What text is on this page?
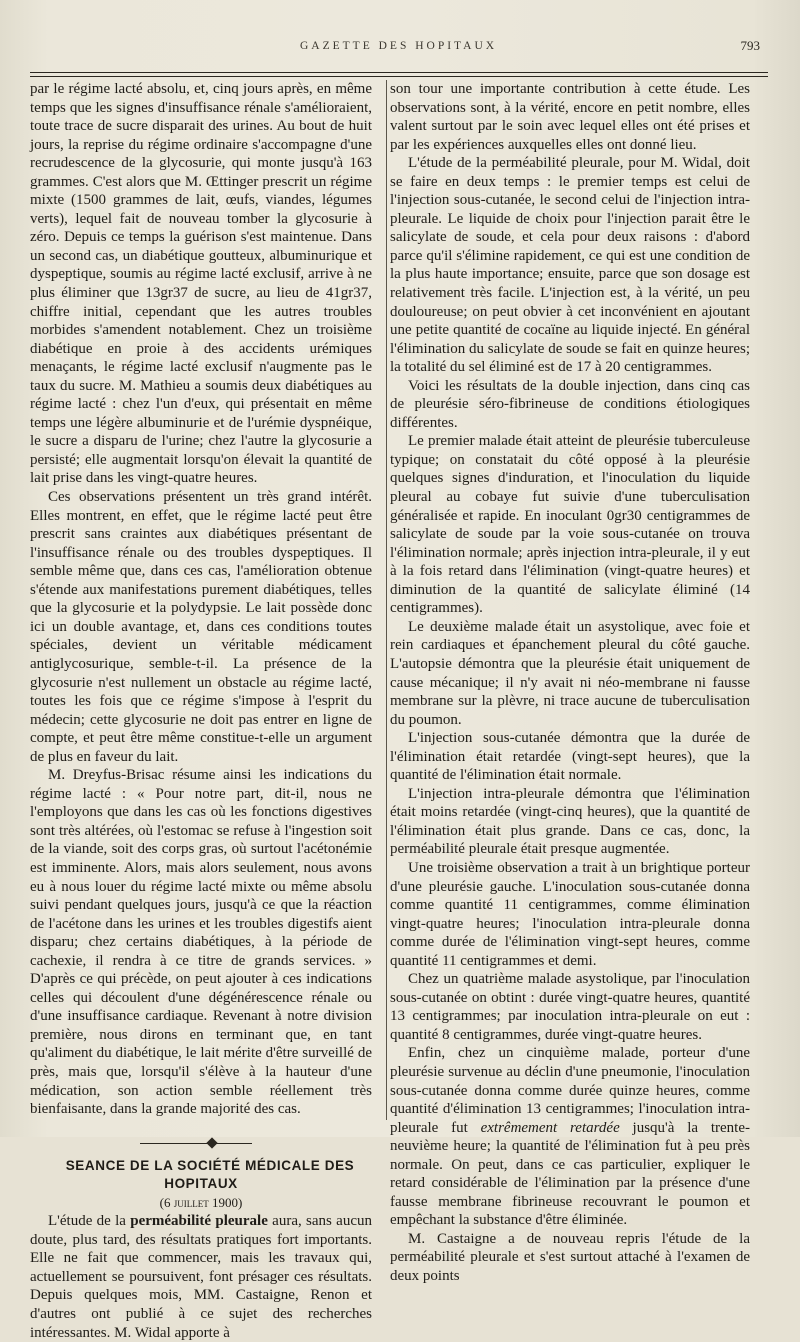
GAZETTE DES HOPITAUX	793

par le régime lacté absolu, et, cinq jours après, en même temps que les signes d'insuffisance rénale s'amélioraient, toute trace de sucre disparait des urines. Au bout de huit jours, la reprise du régime ordinaire s'accompagne d'une recrudescence de la glycosurie, qui monte jusqu'à 163 grammes. C'est alors que M. Œttinger prescrit un régime mixte (1500 grammes de lait, œufs, viandes, légumes verts), lequel fait de nouveau tomber la glycosurie à zéro. Depuis ce temps la guérison s'est maintenue. Dans un second cas, un diabétique goutteux, albuminurique et dyspeptique, soumis au régime lacté exclusif, arrive à ne plus éliminer que 13gr37 de sucre, au lieu de 41gr37, chiffre initial, cependant que les autres troubles morbides s'amendent notablement. Chez un troisième diabétique en proie à des accidents urémiques menaçants, le régime lacté exclusif n'augmente pas le taux du sucre. M. Mathieu a soumis deux diabétiques au régime lacté : chez l'un d'eux, qui présentait en même temps une légère albuminurie et de l'urémie dyspnéique, le sucre a disparu de l'urine; chez l'autre la glycosurie a persisté; elle augmentait lorsqu'on élevait la quantité de lait prise dans les vingt-quatre heures.

Ces observations présentent un très grand intérêt. Elles montrent, en effet, que le régime lacté peut être prescrit sans craintes aux diabétiques présentant de l'insuffisance rénale ou des troubles dyspeptiques. Il semble même que, dans ces cas, l'amélioration obtenue s'étende aux manifestations purement diabétiques, telles que la glycosurie et la polydypsie. Le lait possède donc ici un double avantage, et, dans ces conditions toutes spéciales, devient un véritable médicament antiglycosurique, semble-t-il. La présence de la glycosurie n'est nullement un obstacle au régime lacté, toutes les fois que ce régime s'impose à l'esprit du médecin; cette glycosurie ne doit pas entrer en ligne de compte, et peut être même constitue-t-elle un argument de plus en faveur du lait.

M. Dreyfus-Brisac résume ainsi les indications du régime lacté : « Pour notre part, dit-il, nous ne l'employons que dans les cas où les fonctions digestives sont très altérées, où l'estomac se refuse à l'ingestion soit de la viande, soit des corps gras, où surtout l'acétonémie est imminente. Alors, mais alors seulement, nous avons eu à nous louer du régime lacté mixte ou même absolu suivi pendant quelques jours, jusqu'à ce que la réaction de l'acétone dans les urines et les troubles digestifs aient disparu; chez certains diabétiques, à la période de cachexie, il rendra à ce titre de grands services. » D'après ce qui précède, on peut ajouter à ces indications celles qui découlent d'une dégénérescence rénale ou d'une insuffisance cardiaque. Revenant à notre division première, nous dirons en terminant que, en tant qu'aliment du diabétique, le lait mérite d'être surveillé de près, mais que, lorsqu'il s'élève à la hauteur d'une médication, son action semble réellement très bienfaisante, dans la grande majorité des cas.

SEANCE DE LA SOCIÉTÉ MÉDICALE DES HOPITAUX

(6 juillet 1900)

L'étude de la perméabilité pleurale aura, sans aucun doute, plus tard, des résultats pratiques fort importants. Elle ne fait que commencer, mais les travaux qui, actuellement se poursuivent, font présager ces résultats. Depuis quelques mois, MM. Castaigne, Renon et d'autres ont publié à ce sujet des recherches intéressantes. M. Widal apporte à

son tour une importante contribution à cette étude. Les observations sont, à la vérité, encore en petit nombre, elles valent surtout par le soin avec lequel elles ont été prises et par les expériences auxquelles elles ont donné lieu.

L'étude de la perméabilité pleurale, pour M. Widal, doit se faire en deux temps : le premier temps est celui de l'injection sous-cutanée, le second celui de l'injection intra-pleurale. Le liquide de choix pour l'injection parait être le salicylate de soude, et cela pour deux raisons : d'abord parce qu'il s'élimine rapidement, ce qui est une condition de la plus haute importance; ensuite, parce que son dosage est relativement très facile. L'injection est, à la vérité, un peu douloureuse; on peut obvier à cet inconvénient en ajoutant une petite quantité de cocaïne au liquide injecté. En général l'élimination du salicylate de soude se fait en quinze heures; la totalité du sel éliminé est de 17 à 20 centigrammes.

Voici les résultats de la double injection, dans cinq cas de pleurésie séro-fibrineuse de conditions étiologiques différentes.

Le premier malade était atteint de pleurésie tuberculeuse typique; on constatait du côté opposé à la pleurésie quelques signes d'induration, et l'inoculation du liquide pleural au cobaye fut suivie d'une tuberculisation généralisée et rapide. En inoculant 0gr30 centigrammes de salicylate de soude par la voie sous-cutanée on trouva l'élimination normale; après injection intra-pleurale, il y eut à la fois retard dans l'élimination (vingt-quatre heures) et diminution de la quantité de salicylate éliminé (14 centigrammes).

Le deuxième malade était un asystolique, avec foie et rein cardiaques et épanchement pleural du côté gauche. L'autopsie démontra que la pleurésie était uniquement de cause mécanique; il n'y avait ni néo-membrane ni fausse membrane sur la plèvre, ni trace aucune de tuberculisation du poumon.

L'injection sous-cutanée démontra que la durée de l'élimination était retardée (vingt-sept heures), que la quantité de l'élimination était normale.

L'injection intra-pleurale démontra que l'élimination était moins retardée (vingt-cinq heures), que la quantité de l'élimination était plus grande. Dans ce cas, donc, la perméabilité pleurale était presque augmentée.

Une troisième observation a trait à un brightique porteur d'une pleurésie gauche. L'inoculation sous-cutanée donna comme quantité 11 centigrammes, comme élimination vingt-quatre heures; l'inoculation intra-pleurale donna comme durée de l'élimination vingt-sept heures, comme quantité 11 centigrammes et demi.

Chez un quatrième malade asystolique, par l'inoculation sous-cutanée on obtint : durée vingt-quatre heures, quantité 13 centigrammes; par inoculation intra-pleurale on eut : quantité 8 centigrammes, durée vingt-quatre heures.

Enfin, chez un cinquième malade, porteur d'une pleurésie survenue au déclin d'une pneumonie, l'inoculation sous-cutanée donna comme durée quinze heures, comme quantité d'élimination 13 centigrammes; l'inoculation intra-pleurale fut extrêmement retardée jusqu'à la trente-neuvième heure; la quantité de l'élimination fut à peu près normale. On peut, dans ce cas particulier, expliquer le retard considérable de l'élimination par la présence d'une fausse membrane fibrineuse recouvrant le poumon et empêchant la substance d'être éliminée.

M. Castaigne a de nouveau repris l'étude de la perméabilité pleurale et s'est surtout attaché à l'examen de deux points
